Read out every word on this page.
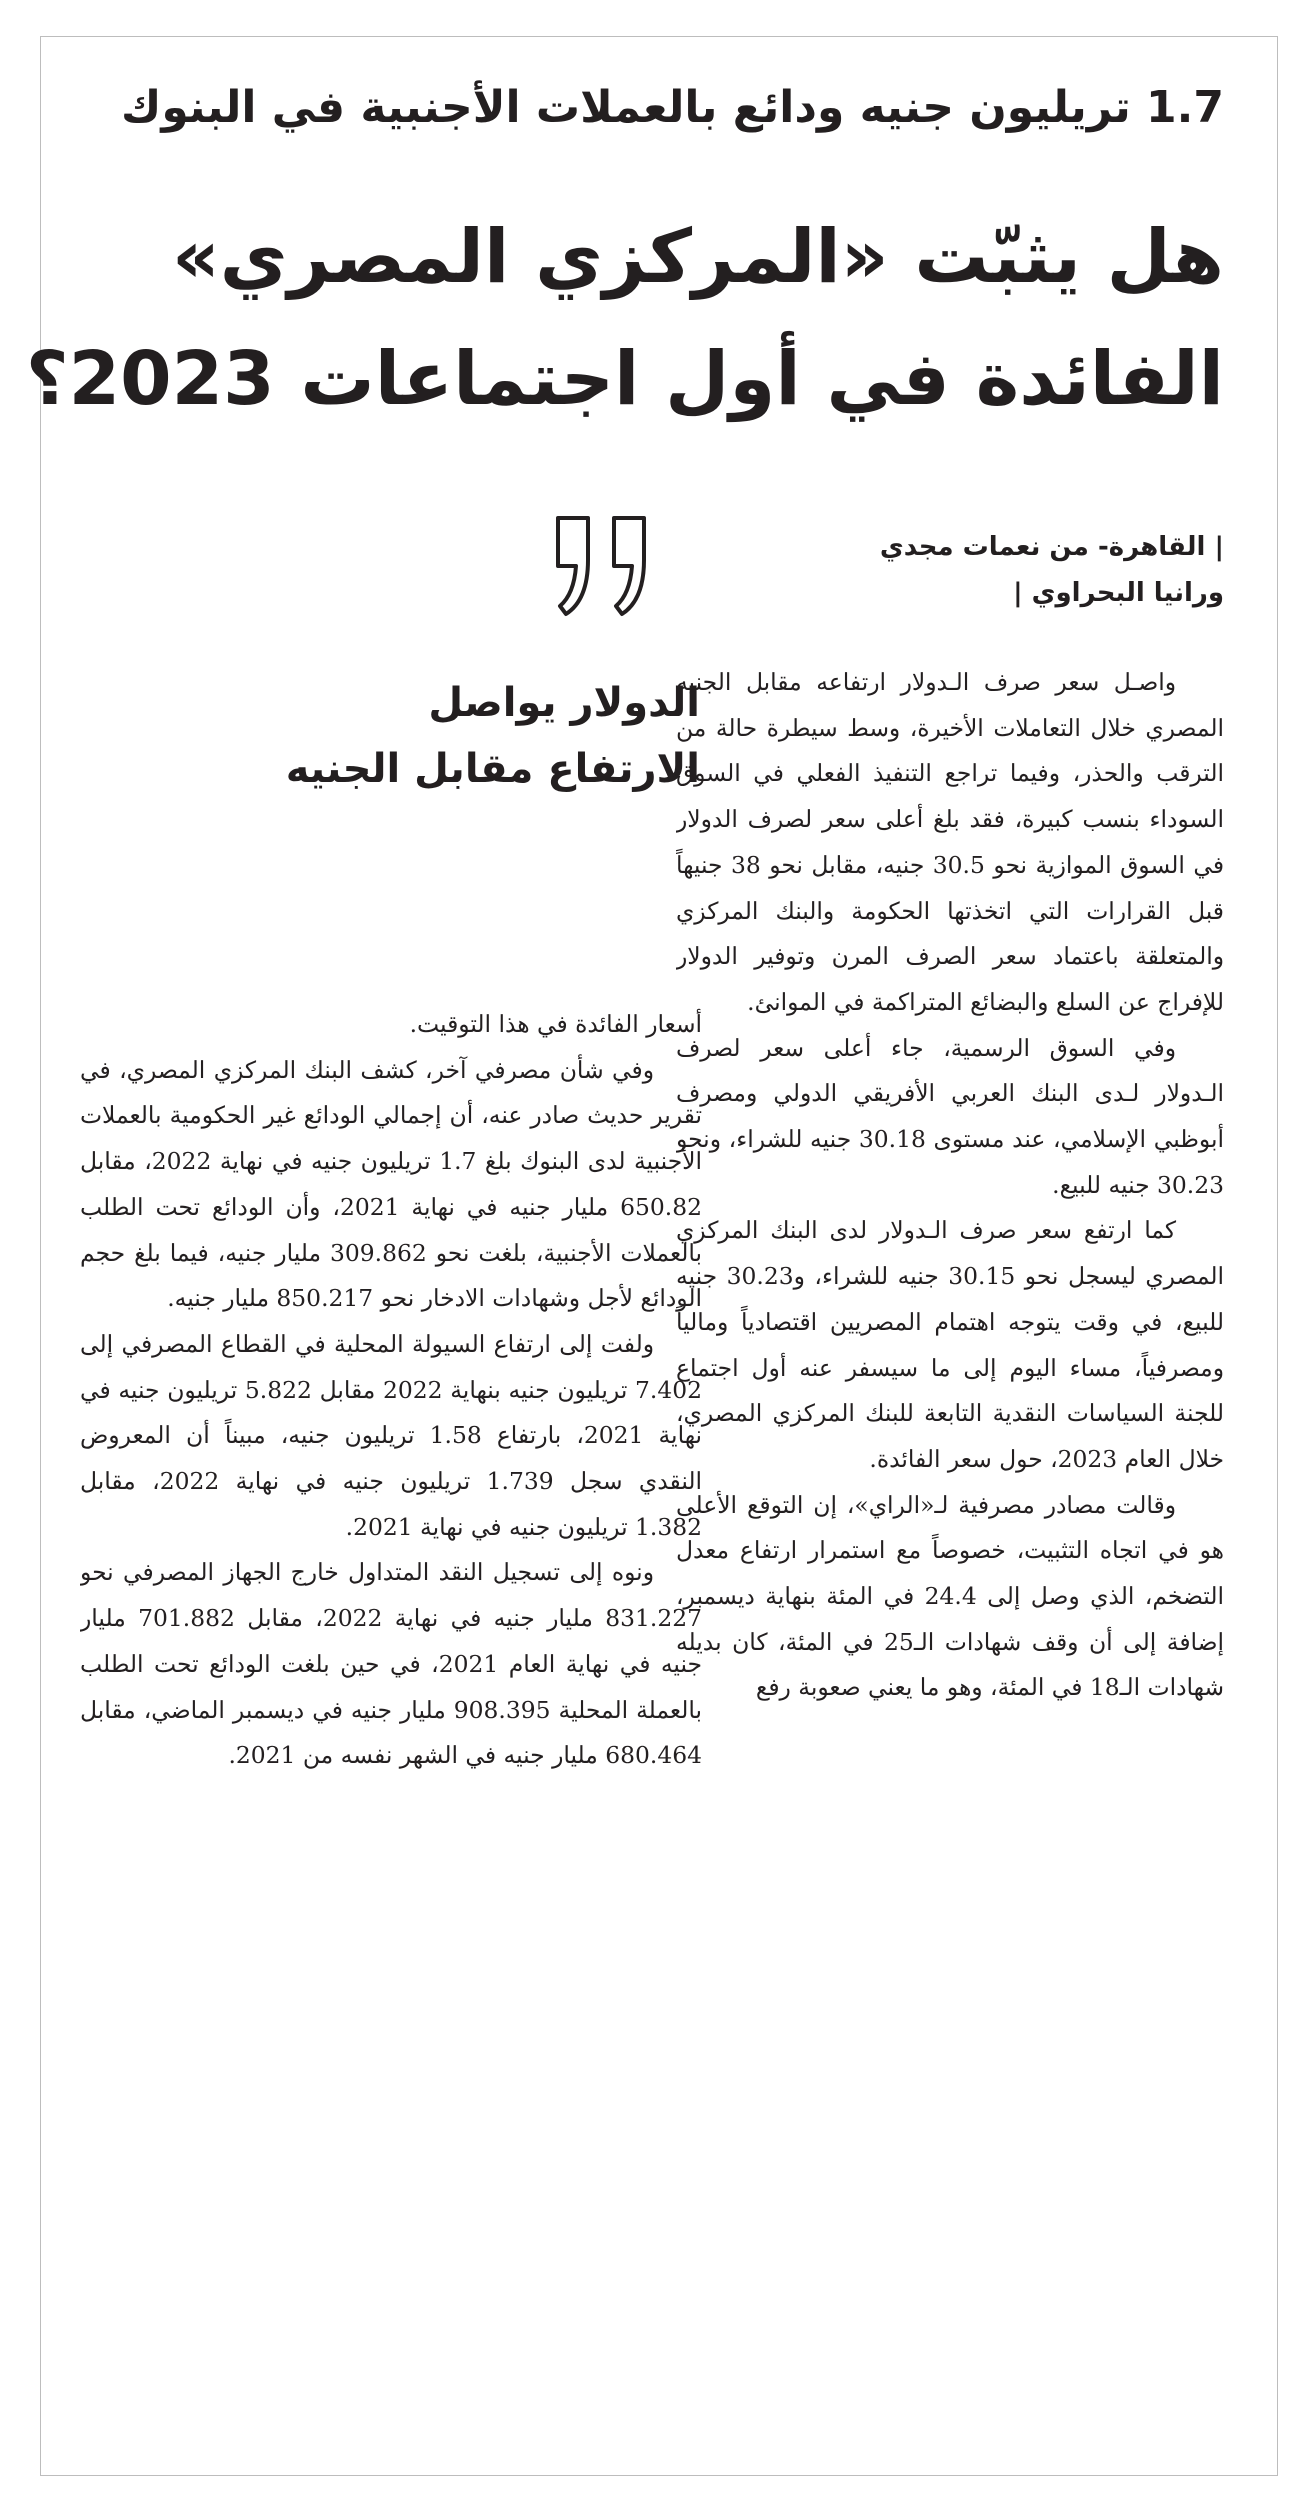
1.7 تريليون جنيه ودائع بالعملات الأجنبية في البنوك
هل يثبّت «المركزي المصري»
الفائدة في أول اجتماعات 2023؟
| القاهرة- من نعمات مجدي
ورانيا البحراوي |
الدولار يواصل
الارتفاع مقابل الجنيه

واصـل سعر صرف الـدولار ارتفاعه مقابل الجنيه المصري خلال التعاملات الأخيرة، وسط سيطرة حالة من الترقب والحذر، وفيما تراجع التنفيذ الفعلي في السوق السوداء بنسب كبيرة، فقد بلغ أعلى سعر لصرف الدولار في السوق الموازية نحو 30.5 جنيه، مقابل نحو 38 جنيهاً قبل القرارات التي اتخذتها الحكومة والبنك المركزي والمتعلقة باعتماد سعر الصرف المرن وتوفير الدولار للإفراج عن السلع والبضائع المتراكمة في الموانئ.

وفي السوق الرسمية، جاء أعلى سعر لصرف الـدولار لـدى البنك العربي الأفريقي الدولي ومصرف أبوظبي الإسلامي، عند مستوى 30.18 جنيه للشراء، ونحو 30.23 جنيه للبيع.

كما ارتفع سعر صرف الـدولار لدى البنك المركزي المصري ليسجل نحو 30.15 جنيه للشراء، و30.23 جنيه للبيع، في وقت يتوجه اهتمام المصريين اقتصادياً ومالياً ومصرفياً، مساء اليوم إلى ما سيسفر عنه أول اجتماع للجنة السياسات النقدية التابعة للبنك المركزي المصري، خلال العام 2023، حول سعر الفائدة.

وقالت مصادر مصرفية لـ«الراي»، إن التوقع الأعلى هو في اتجاه التثبيت، خصوصاً مع استمرار ارتفاع معدل التضخم، الذي وصل إلى 24.4 في المئة بنهاية ديسمبر، إضافة إلى أن وقف شهادات الـ25 في المئة، كان بديله شهادات الـ18 في المئة، وهو ما يعني صعوبة رفع

أسعار الفائدة في هذا التوقيت.

وفي شأن مصرفي آخر، كشف البنك المركزي المصري، في تقرير حديث صادر عنه، أن إجمالي الودائع غير الحكومية بالعملات الأجنبية لدى البنوك بلغ 1.7 تريليون جنيه في نهاية 2022، مقابل 650.82 مليار جنيه في نهاية 2021، وأن الودائع تحت الطلب بالعملات الأجنبية، بلغت نحو 309.862 مليار جنيه، فيما بلغ حجم الودائع لأجل وشهادات الادخار نحو 850.217 مليار جنيه.

ولفت إلى ارتفاع السيولة المحلية في القطاع المصرفي إلى 7.402 تريليون جنيه بنهاية 2022 مقابل 5.822 تريليون جنيه في نهاية 2021، بارتفاع 1.58 تريليون جنيه، مبيناً أن المعروض النقدي سجل 1.739 تريليون جنيه في نهاية 2022، مقابل 1.382 تريليون جنيه في نهاية 2021.

ونوه إلى تسجيل النقد المتداول خارج الجهاز المصرفي نحو 831.227 مليار جنيه في نهاية 2022، مقابل 701.882 مليار جنيه في نهاية العام 2021، في حين بلغت الودائع تحت الطلب بالعملة المحلية 908.395 مليار جنيه في ديسمبر الماضي، مقابل 680.464 مليار جنيه في الشهر نفسه من 2021.
